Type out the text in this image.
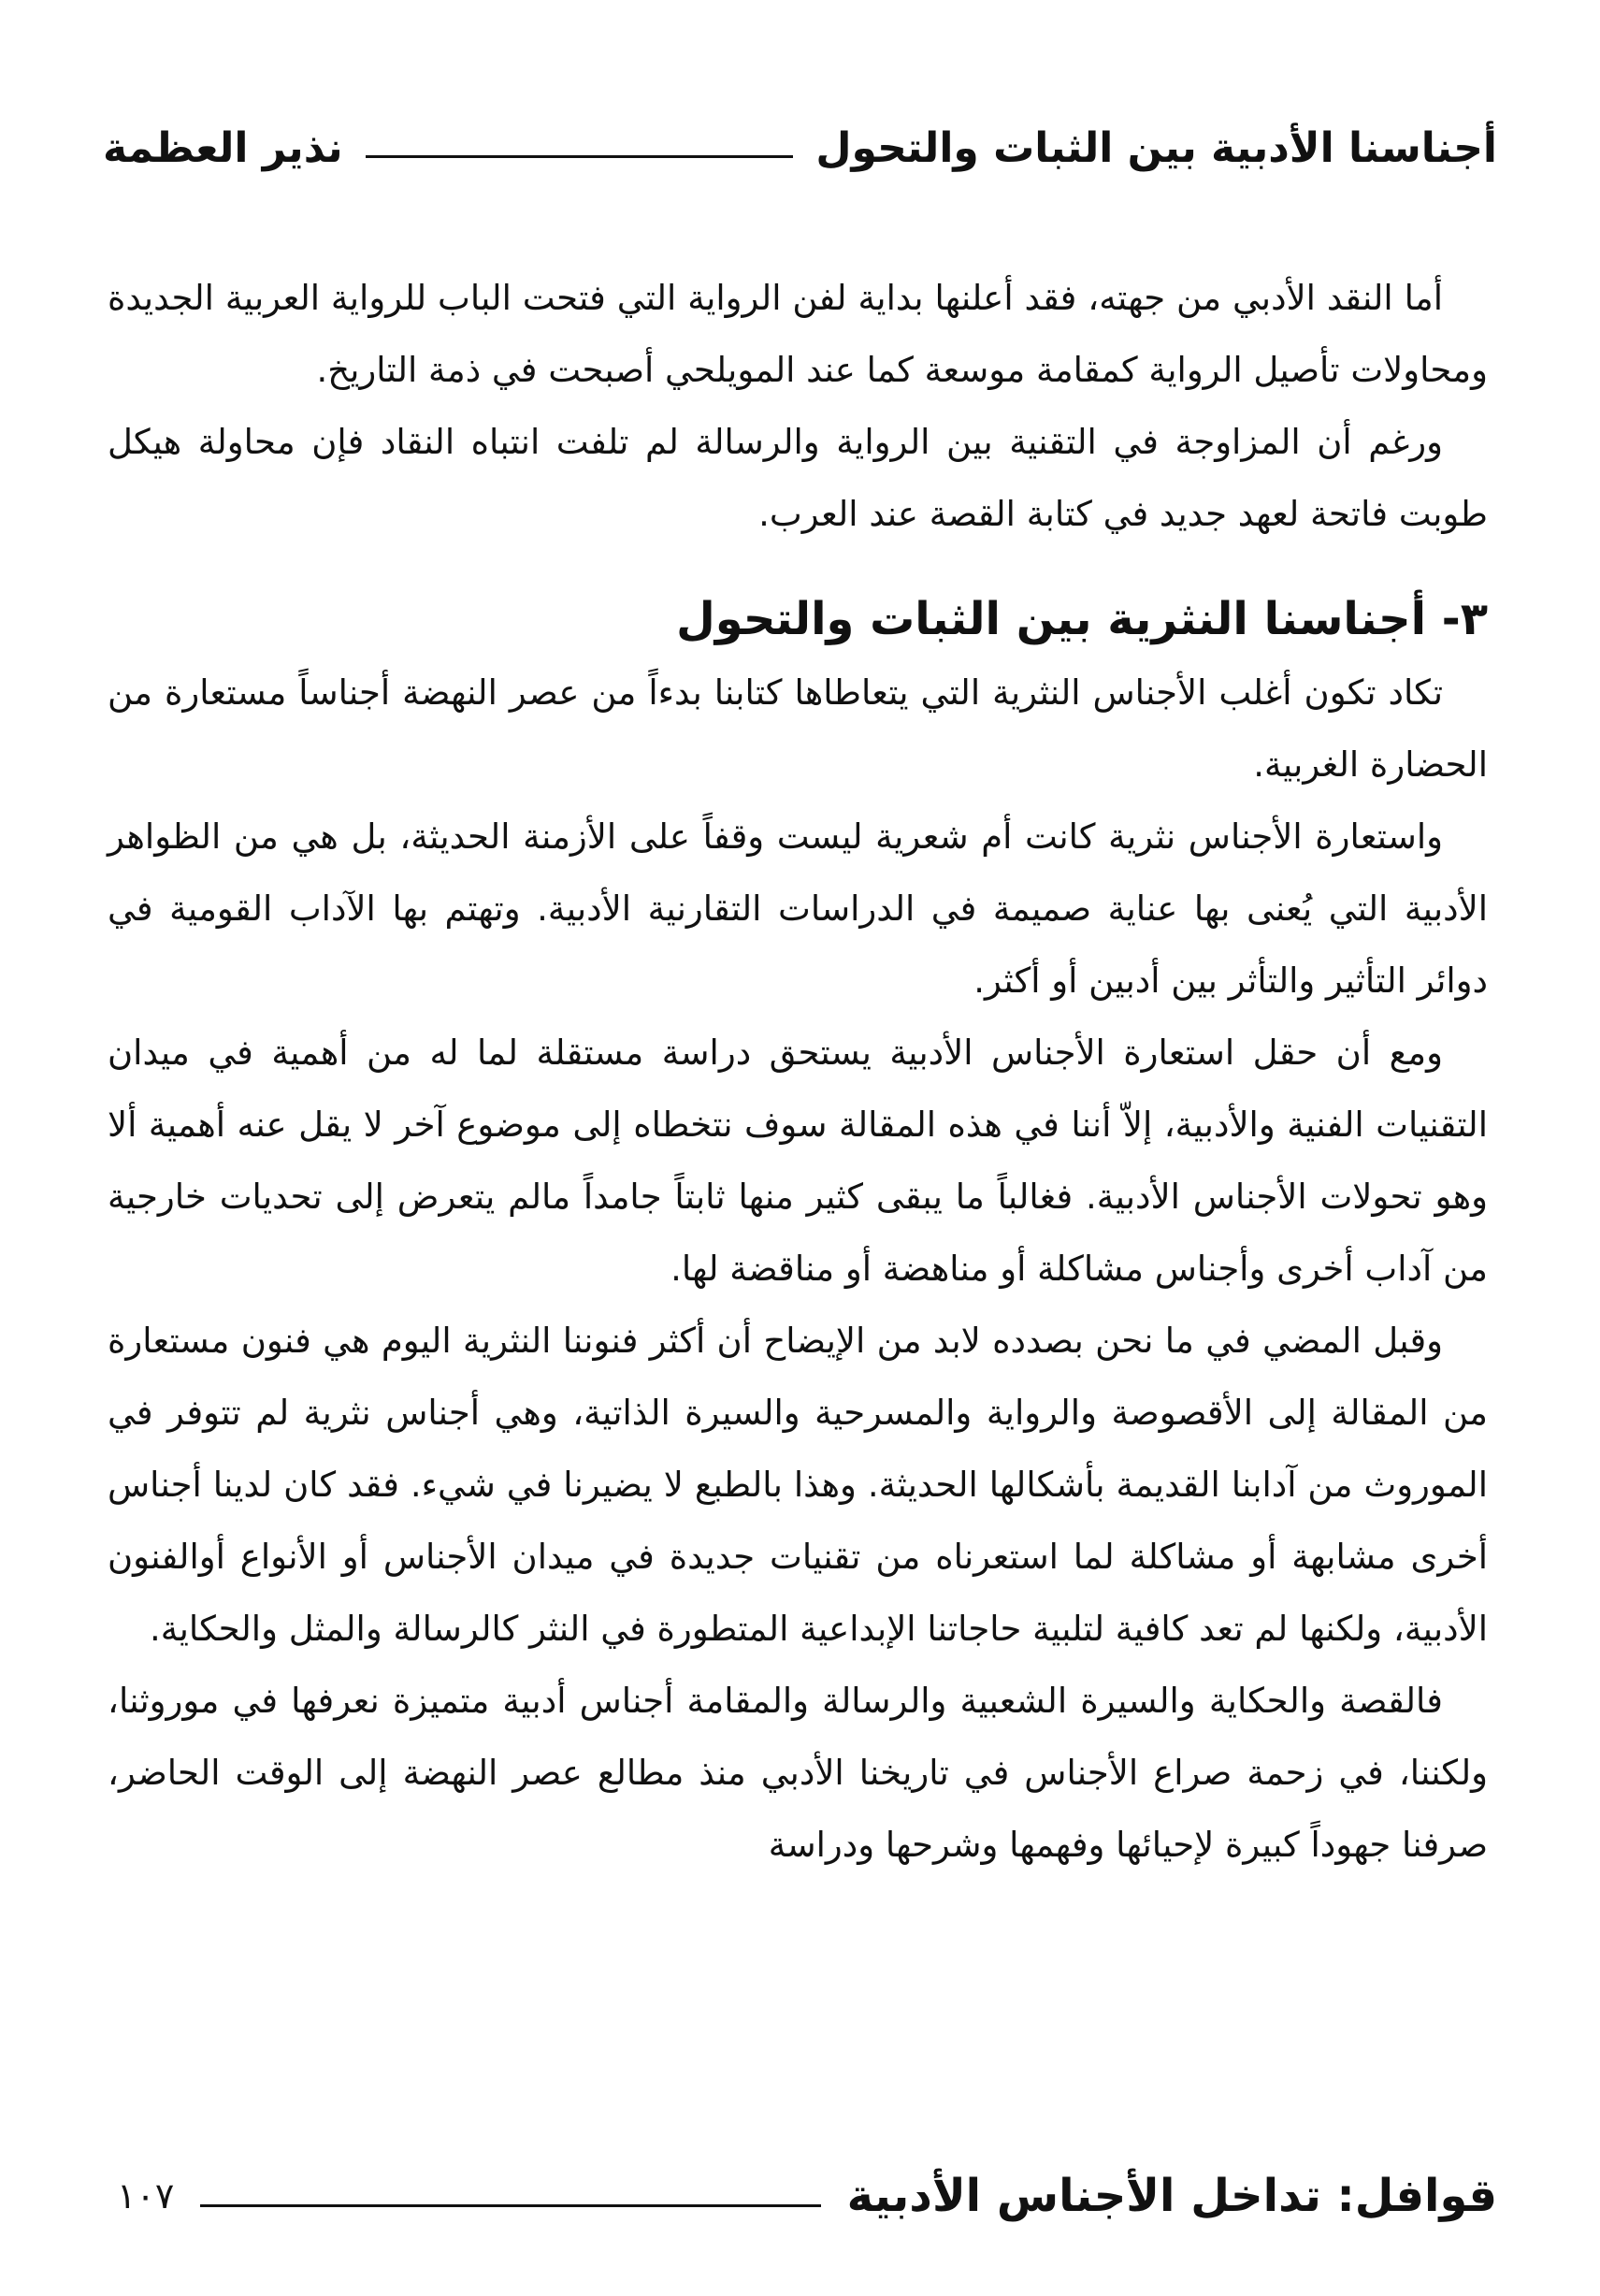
أجناسنا الأدبية بين الثبات والتحول
نذير العظمة

أما النقد الأدبي من جهته، فقد أعلنها بداية لفن الرواية التي فتحت الباب للرواية العربية الجديدة ومحاولات تأصيل الرواية كمقامة موسعة كما عند المويلحي أصبحت في ذمة التاريخ.

ورغم أن المزاوجة في التقنية بين الرواية والرسالة لم تلفت انتباه النقاد فإن محاولة هيكل طوبت فاتحة لعهد جديد في كتابة القصة عند العرب.

٣- أجناسنا النثرية بين الثبات والتحول

تكاد تكون أغلب الأجناس النثرية التي يتعاطاها كتابنا بدءاً من عصر النهضة أجناساً مستعارة من الحضارة الغربية.

واستعارة الأجناس نثرية كانت أم شعرية ليست وقفاً على الأزمنة الحديثة، بل هي من الظواهر الأدبية التي يُعنى بها عناية صميمة في الدراسات التقارنية الأدبية. وتهتم بها الآداب القومية في دوائر التأثير والتأثر بين أدبين أو أكثر.

ومع أن حقل استعارة الأجناس الأدبية يستحق دراسة مستقلة لما له من أهمية في ميدان التقنيات الفنية والأدبية، إلاّ أننا في هذه المقالة سوف نتخطاه إلى موضوع آخر لا يقل عنه أهمية ألا وهو تحولات الأجناس الأدبية. فغالباً ما يبقى كثير منها ثابتاً جامداً مالم يتعرض إلى تحديات خارجية من آداب أخرى وأجناس مشاكلة أو مناهضة أو مناقضة لها.

وقبل المضي في ما نحن بصدده لابد من الإيضاح أن أكثر فنوننا النثرية اليوم هي فنون مستعارة من المقالة إلى الأقصوصة والرواية والمسرحية والسيرة الذاتية، وهي أجناس نثرية لم تتوفر في الموروث من آدابنا القديمة بأشكالها الحديثة. وهذا بالطبع لا يضيرنا في شيء. فقد كان لدينا أجناس أخرى مشابهة أو مشاكلة لما استعرناه من تقنيات جديدة في ميدان الأجناس أو الأنواع أوالفنون الأدبية، ولكنها لم تعد كافية لتلبية حاجاتنا الإبداعية المتطورة في النثر كالرسالة والمثل والحكاية.

فالقصة والحكاية والسيرة الشعبية والرسالة والمقامة أجناس أدبية متميزة نعرفها في موروثنا، ولكننا، في زحمة صراع الأجناس في تاريخنا الأدبي منذ مطالع عصر النهضة إلى الوقت الحاضر، صرفنا جهوداً كبيرة لإحيائها وفهمها وشرحها ودراسة

قوافل: تداخل الأجناس الأدبية
١٠٧
